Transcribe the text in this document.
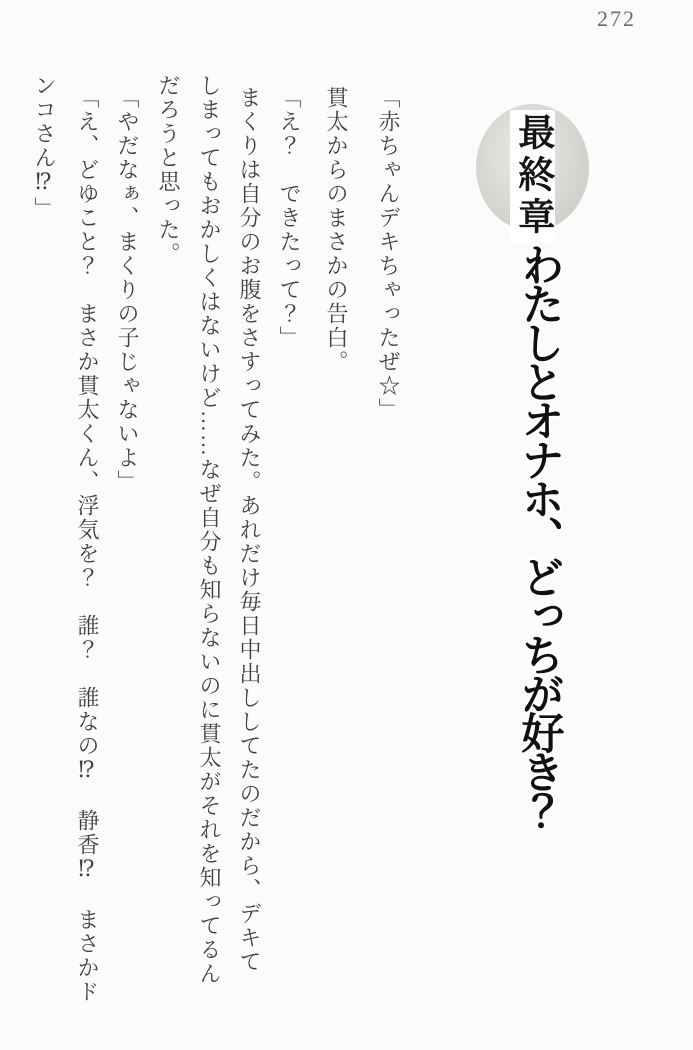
272
最終章
わたしとオナホ、どっちが好き？
「赤ちゃんデキちゃったぜ☆」
貫太からのまさかの告白。
「え？　できたって？」
まくりは自分のお腹をさすってみた。あれだけ毎日中出ししてたのだから、デキて
しまってもおかしくはないけど……なぜ自分も知らないのに貫太がそれを知ってるん
だろうと思った。
「やだなぁ、まくりの子じゃないよ」
「え、どゆこと？　まさか貫太くん、浮気を？　誰？　誰なの⁉　静香⁉　まさかド
ンコさん⁉」
